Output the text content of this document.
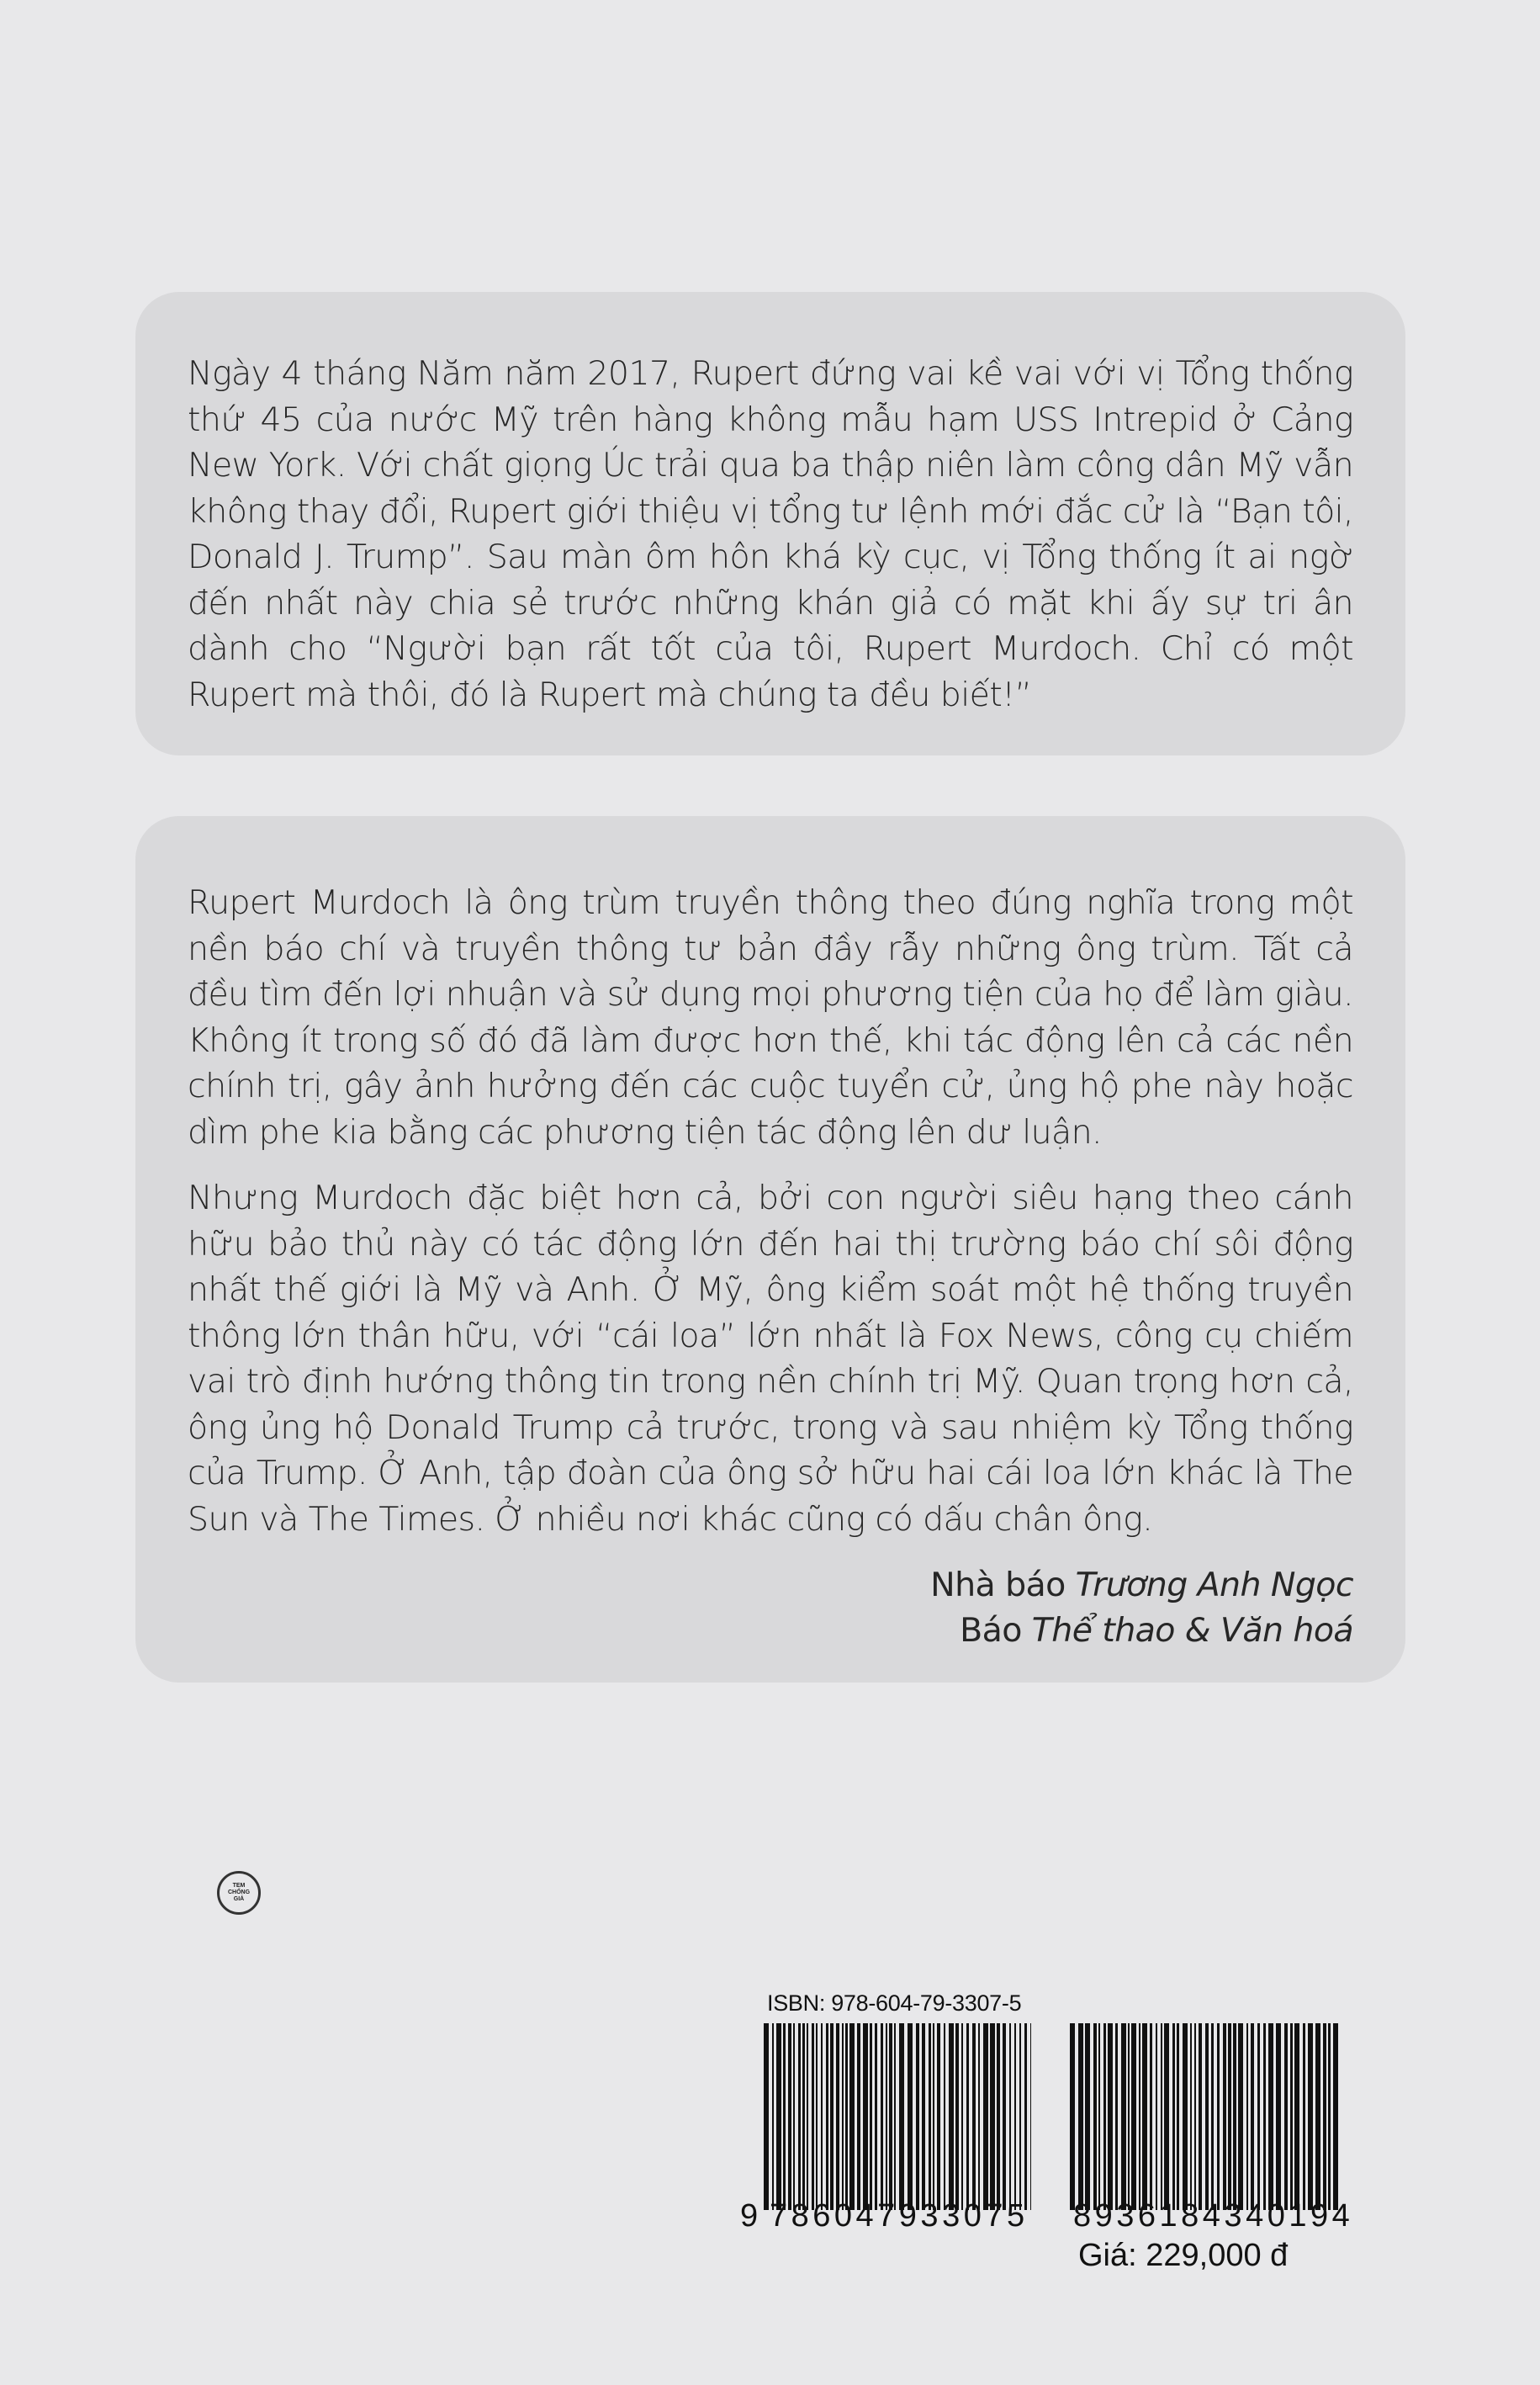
Ngày 4 tháng Năm năm 2017, Rupert đứng vai kề vai với vị Tổng thống thứ 45 của nước Mỹ trên hàng không mẫu hạm USS Intrepid ở Cảng New York. Với chất giọng Úc trải qua ba thập niên làm công dân Mỹ vẫn không thay đổi, Rupert giới thiệu vị tổng tư lệnh mới đắc cử là “Bạn tôi, Donald J. Trump”. Sau màn ôm hôn khá kỳ cục, vị Tổng thống ít ai ngờ đến nhất này chia sẻ trước những khán giả có mặt khi ấy sự tri ân dành cho “Người bạn rất tốt của tôi, Rupert Murdoch. Chỉ có một Rupert mà thôi, đó là Rupert mà chúng ta đều biết!”

Rupert Murdoch là ông trùm truyền thông theo đúng nghĩa trong một nền báo chí và truyền thông tư bản đầy rẫy những ông trùm. Tất cả đều tìm đến lợi nhuận và sử dụng mọi phương tiện của họ để làm giàu. Không ít trong số đó đã làm được hơn thế, khi tác động lên cả các nền chính trị, gây ảnh hưởng đến các cuộc tuyển cử, ủng hộ phe này hoặc dìm phe kia bằng các phương tiện tác động lên dư luận.

Nhưng Murdoch đặc biệt hơn cả, bởi con người siêu hạng theo cánh hữu bảo thủ này có tác động lớn đến hai thị trường báo chí sôi động nhất thế giới là Mỹ và Anh. Ở Mỹ, ông kiểm soát một hệ thống truyền thông lớn thân hữu, với “cái loa” lớn nhất là Fox News, công cụ chiếm vai trò định hướng thông tin trong nền chính trị Mỹ. Quan trọng hơn cả, ông ủng hộ Donald Trump cả trước, trong và sau nhiệm kỳ Tổng thống của Trump. Ở Anh, tập đoàn của ông sở hữu hai cái loa lớn khác là The Sun và The Times. Ở nhiều nơi khác cũng có dấu chân ông.

Nhà báo Trương Anh Ngọc
Báo Thể thao & Văn hoá
TEM
CHỐNG
GIẢ
ISBN: 978-604-79-3307-5
9 786047933075 8936184340194
Giá: 229,000 đ
